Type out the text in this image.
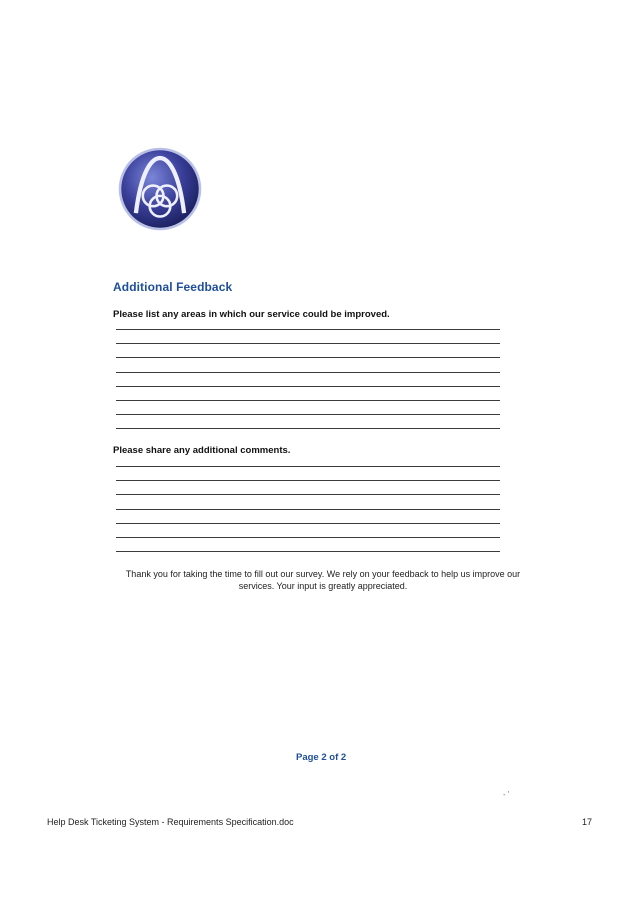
Additional Feedback
Please list any areas in which our service could be improved.
Please share any additional comments.
Thank you for taking the time to fill out our survey. We rely on your feedback to help us improve our
services. Your input is greatly appreciated.
Page 2 of 2
- '
Help Desk Ticketing System - Requirements Specification.doc	17
